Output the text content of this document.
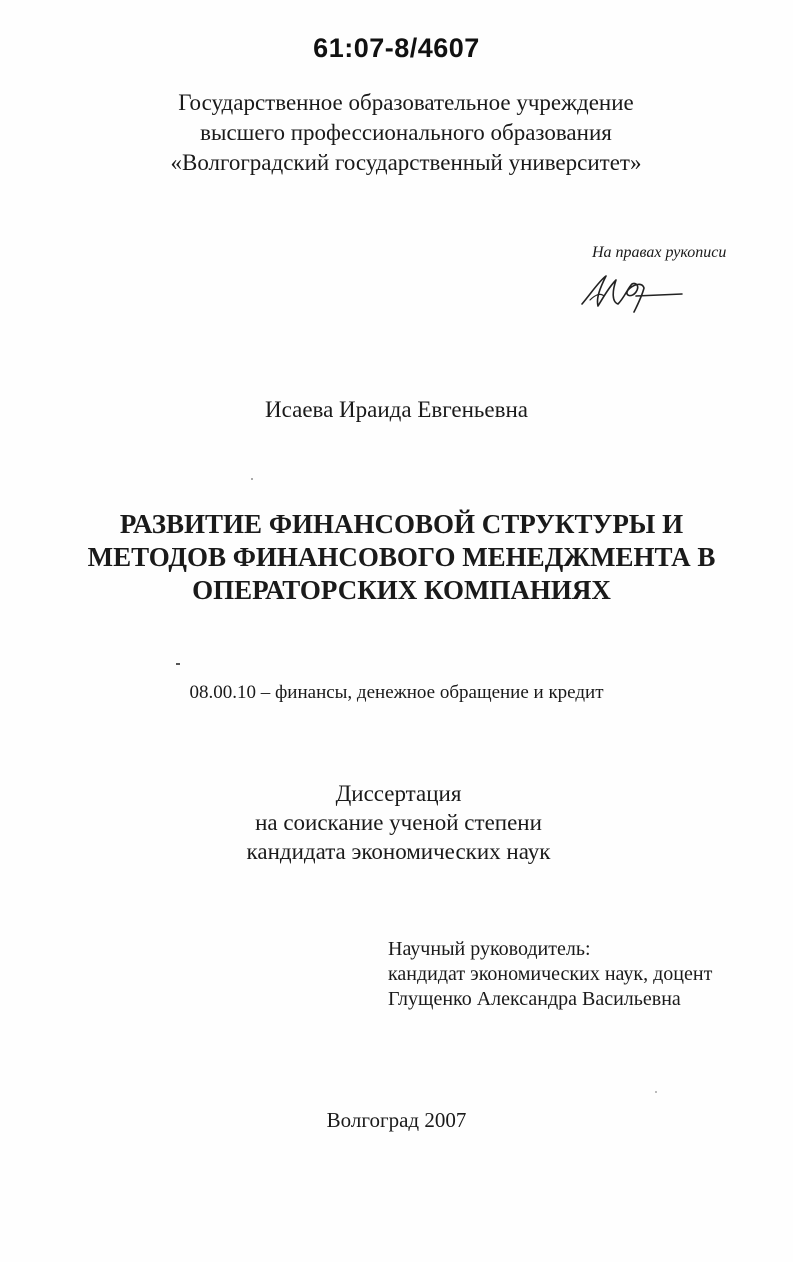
61:07-8/4607
Государственное образовательное учреждение
высшего профессионального образования
«Волгоградский государственный университет»
На правах рукописи
Исаева Ираида Евгеньевна
РАЗВИТИЕ ФИНАНСОВОЙ СТРУКТУРЫ И
МЕТОДОВ ФИНАНСОВОГО МЕНЕДЖМЕНТА В
ОПЕРАТОРСКИХ КОМПАНИЯХ
08.00.10 – финансы, денежное обращение и кредит
Диссертация
на соискание ученой степени
кандидата экономических наук
Научный руководитель:
кандидат экономических наук, доцент
Глущенко Александра Васильевна
Волгоград 2007
